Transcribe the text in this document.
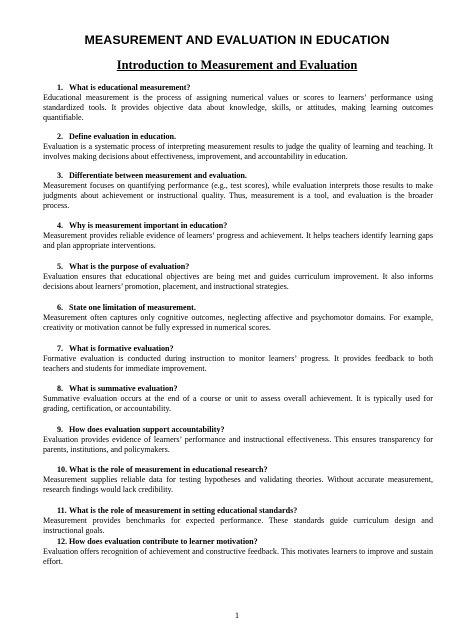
MEASUREMENT AND EVALUATION IN EDUCATION
Introduction to Measurement and Evaluation

1. What is educational measurement?

Educational measurement is the process of assigning numerical values or scores to learners’ performance using standardized tools. It provides objective data about knowledge, skills, or attitudes, making learning outcomes quantifiable.

2. Define evaluation in education.

Evaluation is a systematic process of interpreting measurement results to judge the quality of learning and teaching. It involves making decisions about effectiveness, improvement, and accountability in education.

3. Differentiate between measurement and evaluation.

Measurement focuses on quantifying performance (e.g., test scores), while evaluation interprets those results to make judgments about achievement or instructional quality. Thus, measurement is a tool, and evaluation is the broader process.

4. Why is measurement important in education?

Measurement provides reliable evidence of learners’ progress and achievement. It helps teachers identify learning gaps and plan appropriate interventions.

5. What is the purpose of evaluation?

Evaluation ensures that educational objectives are being met and guides curriculum improvement. It also informs decisions about learners’ promotion, placement, and instructional strategies.

6. State one limitation of measurement.

Measurement often captures only cognitive outcomes, neglecting affective and psychomotor domains. For example, creativity or motivation cannot be fully expressed in numerical scores.

7. What is formative evaluation?

Formative evaluation is conducted during instruction to monitor learners’ progress. It provides feedback to both teachers and students for immediate improvement.

8. What is summative evaluation?

Summative evaluation occurs at the end of a course or unit to assess overall achievement. It is typically used for grading, certification, or accountability.

9. How does evaluation support accountability?

Evaluation provides evidence of learners’ performance and instructional effectiveness. This ensures transparency for parents, institutions, and policymakers.

10. What is the role of measurement in educational research?

Measurement supplies reliable data for testing hypotheses and validating theories. Without accurate measurement, research findings would lack credibility.

11. What is the role of measurement in setting educational standards?

Measurement provides benchmarks for expected performance. These standards guide curriculum design and instructional goals.

12. How does evaluation contribute to learner motivation?

Evaluation offers recognition of achievement and constructive feedback. This motivates learners to improve and sustain effort.

1
